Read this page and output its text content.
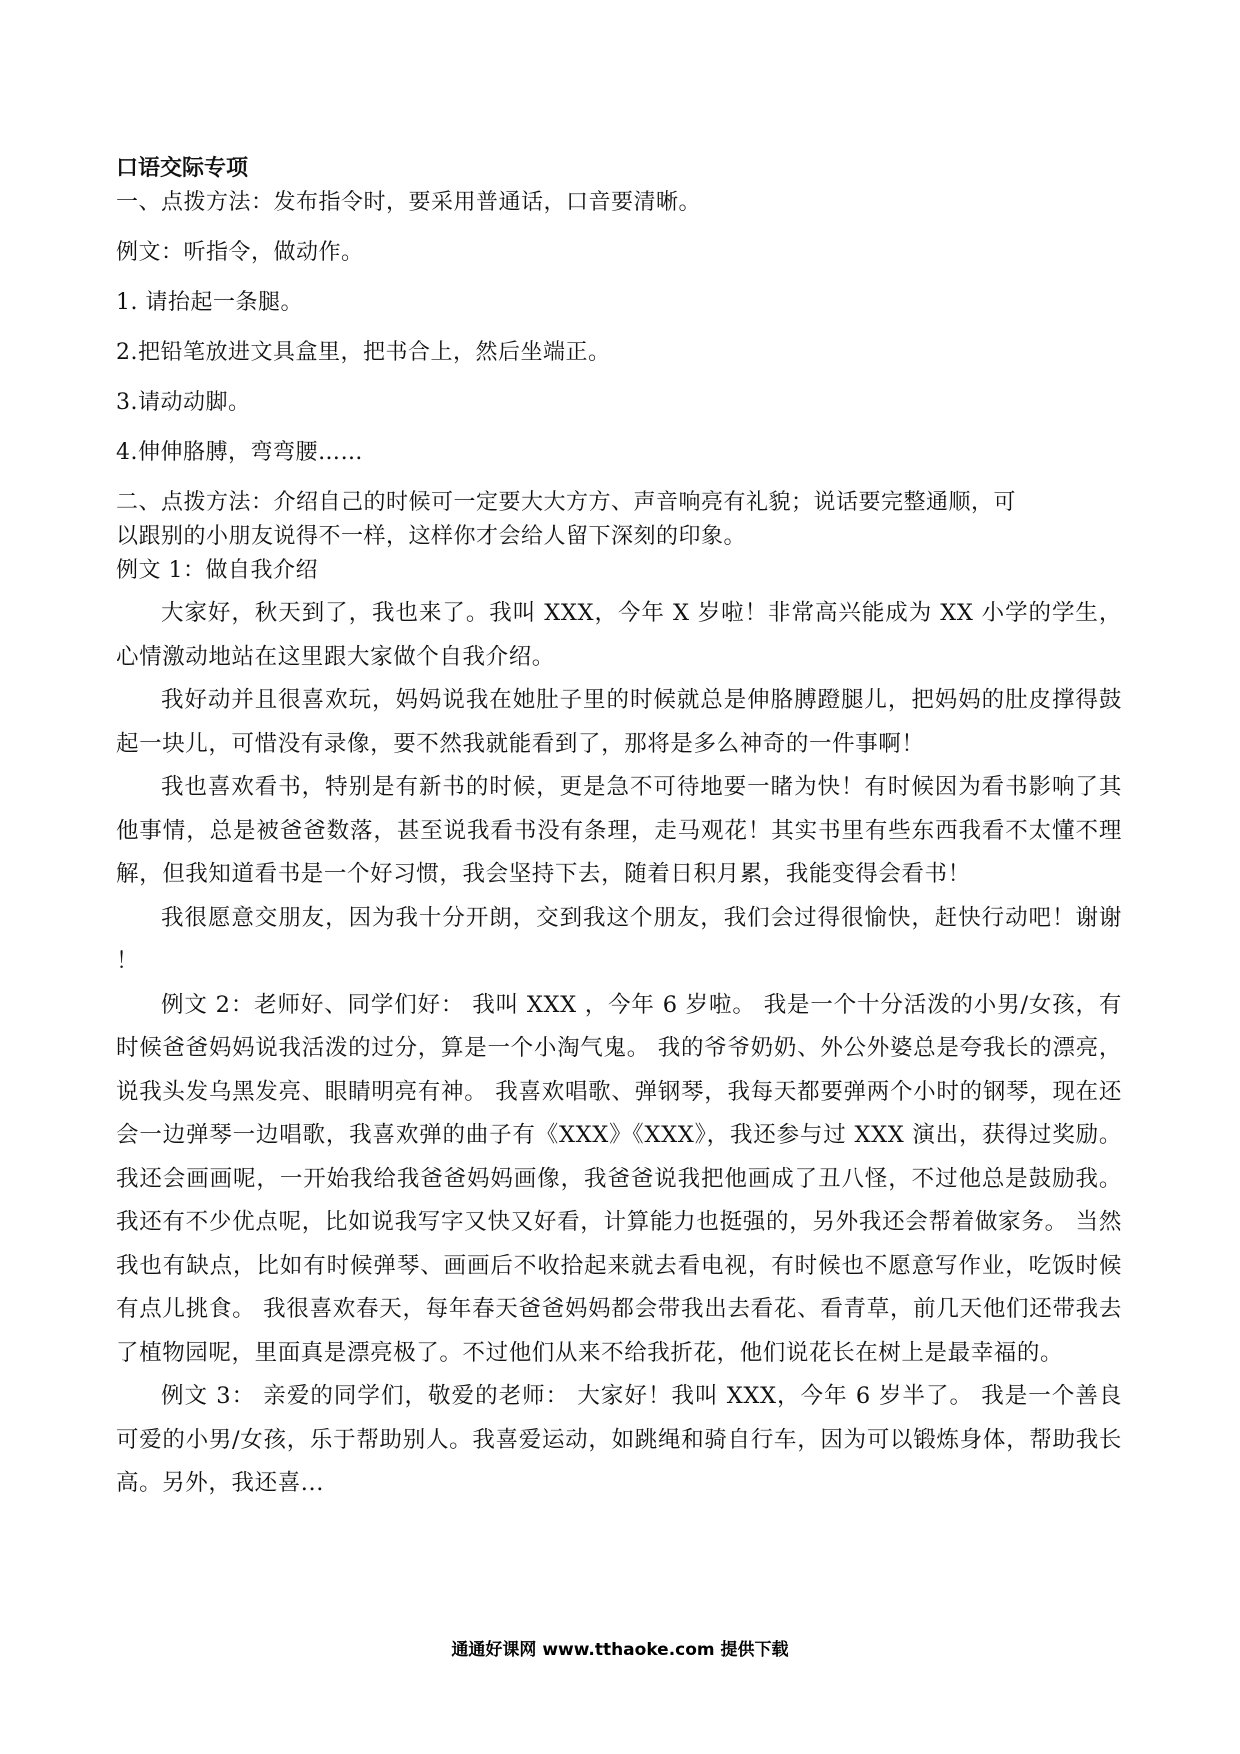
口语交际专项

一、点拨方法：发布指令时，要采用普通话，口音要清晰。

例文：听指令，做动作。

1. 请抬起一条腿。

2.把铅笔放进文具盒里，把书合上，然后坐端正。

3.请动动脚。

4.伸伸胳膊，弯弯腰……

二、点拨方法：介绍自己的时候可一定要大大方方、声音响亮有礼貌；说话要完整通顺，可

以跟别的小朋友说得不一样，这样你才会给人留下深刻的印象。

例文 1：做自我介绍

大家好，秋天到了，我也来了。我叫 XXX，今年 X 岁啦！非常高兴能成为 XX 小学的学生，心情激动地站在这里跟大家做个自我介绍。

我好动并且很喜欢玩，妈妈说我在她肚子里的时候就总是伸胳膊蹬腿儿，把妈妈的肚皮撑得鼓起一块儿，可惜没有录像，要不然我就能看到了，那将是多么神奇的一件事啊！

我也喜欢看书，特别是有新书的时候，更是急不可待地要一睹为快！有时候因为看书影响了其他事情，总是被爸爸数落，甚至说我看书没有条理，走马观花！其实书里有些东西我看不太懂不理解，但我知道看书是一个好习惯，我会坚持下去，随着日积月累，我能变得会看书！

我很愿意交朋友，因为我十分开朗，交到我这个朋友，我们会过得很愉快，赶快行动吧！谢谢 ！

例文 2：老师好、同学们好： 我叫 XXX ，今年 6 岁啦。 我是一个十分活泼的小男/女孩，有时候爸爸妈妈说我活泼的过分，算是一个小淘气鬼。 我的爷爷奶奶、外公外婆总是夸我长的漂亮，说我头发乌黑发亮、眼睛明亮有神。 我喜欢唱歌、弹钢琴，我每天都要弹两个小时的钢琴，现在还会一边弹琴一边唱歌，我喜欢弹的曲子有《XXX》《XXX》，我还参与过 XXX 演出，获得过奖励。 我还会画画呢，一开始我给我爸爸妈妈画像，我爸爸说我把他画成了丑八怪，不过他总是鼓励我。 我还有不少优点呢，比如说我写字又快又好看，计算能力也挺强的，另外我还会帮着做家务。 当然我也有缺点，比如有时候弹琴、画画后不收拾起来就去看电视，有时候也不愿意写作业，吃饭时候有点儿挑食。 我很喜欢春天，每年春天爸爸妈妈都会带我出去看花、看青草，前几天他们还带我去了植物园呢，里面真是漂亮极了。不过他们从来不给我折花，他们说花长在树上是最幸福的。

例文 3： 亲爱的同学们，敬爱的老师： 大家好！我叫 XXX，今年 6 岁半了。 我是一个善良可爱的小男/女孩，乐于帮助别人。我喜爱运动，如跳绳和骑自行车，因为可以锻炼身体，帮助我长高。另外，我还喜...

通通好课网 www.tthaoke.com 提供下载
